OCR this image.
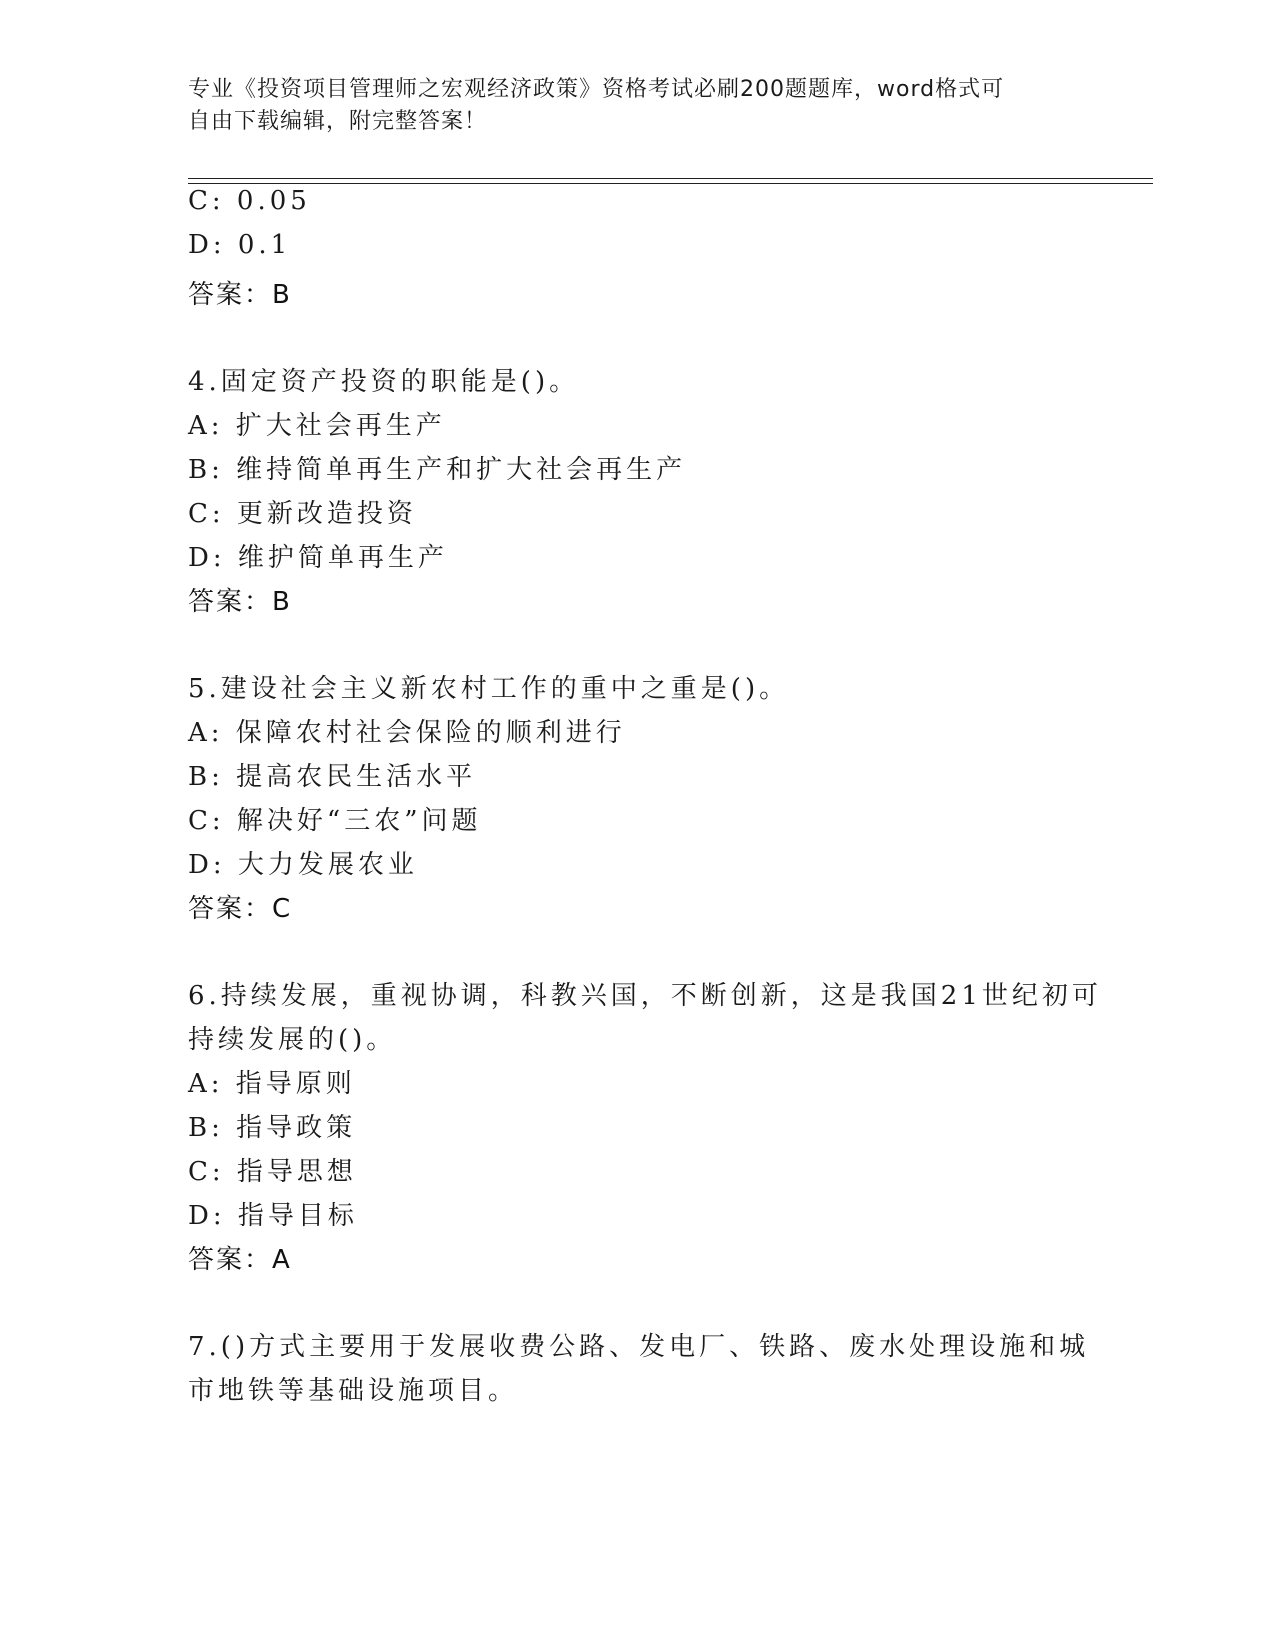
专业《投资项目管理师之宏观经济政策》资格考试必刷200题题库，word格式可
自由下载编辑，附完整答案！
C: 0.05
D: 0.1
答案：B
4.固定资产投资的职能是()。
A: 扩大社会再生产
B: 维持简单再生产和扩大社会再生产
C: 更新改造投资
D: 维护简单再生产
答案：B
5.建设社会主义新农村工作的重中之重是()。
A: 保障农村社会保险的顺利进行
B: 提高农民生活水平
C: 解决好“三农”问题
D: 大力发展农业
答案：C
6.持续发展，重视协调，科教兴国，不断创新，这是我国21世纪初可
持续发展的()。
A: 指导原则
B: 指导政策
C: 指导思想
D: 指导目标
答案：A
7.()方式主要用于发展收费公路、发电厂、铁路、废水处理设施和城
市地铁等基础设施项目。
